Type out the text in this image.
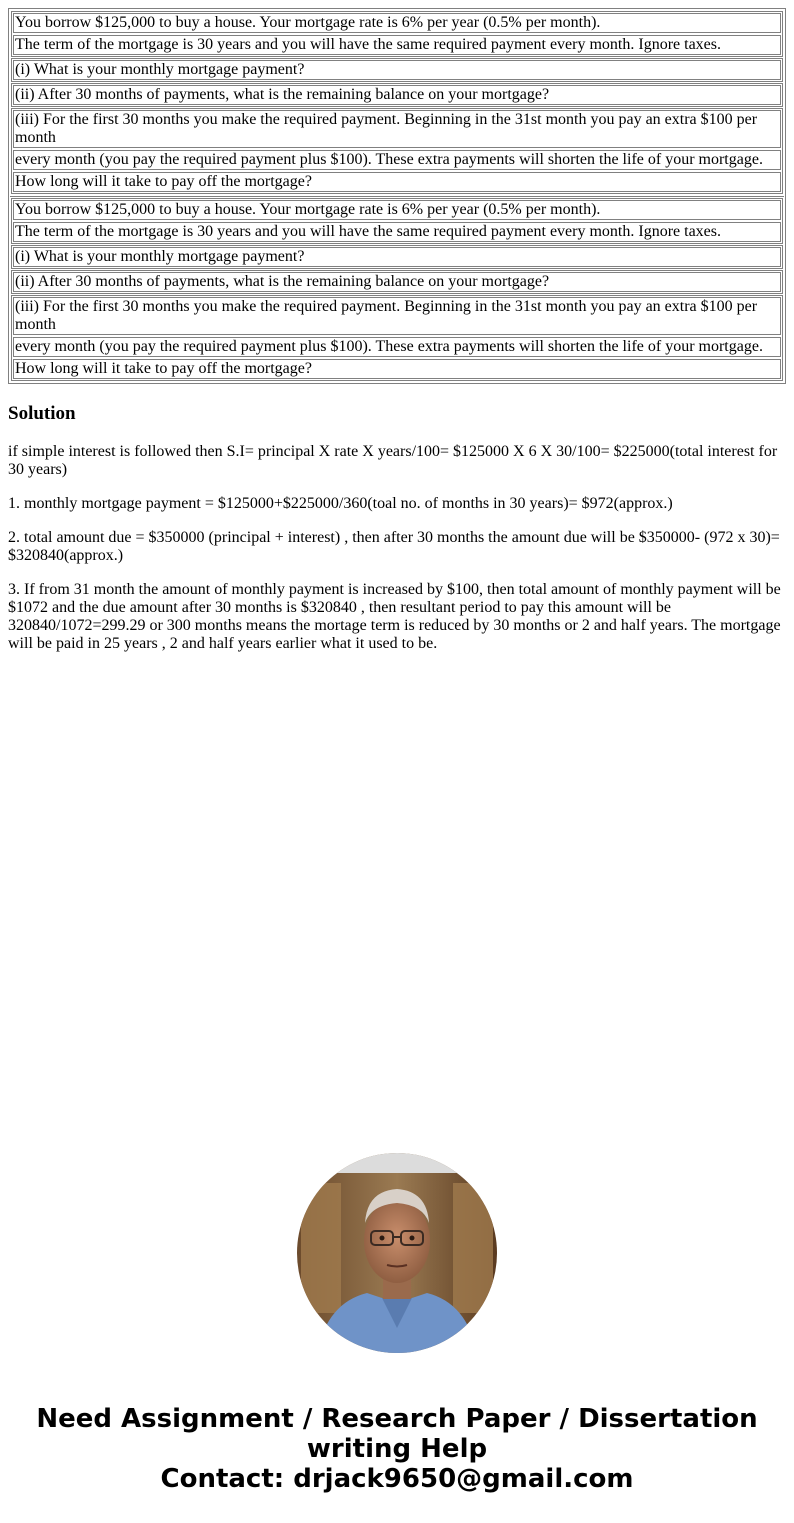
You borrow $125,000 to buy a house. Your mortgage rate is 6% per year (0.5% per month).
The term of the mortgage is 30 years and you will have the same required payment every month. Ignore taxes.
(i) What is your monthly mortgage payment?
(ii) After 30 months of payments, what is the remaining balance on your mortgage?
(iii) For the first 30 months you make the required payment. Beginning in the 31st month you pay an extra $100 per month
every month (you pay the required payment plus $100). These extra payments will shorten the life of your mortgage.
How long will it take to pay off the mortgage?
You borrow $125,000 to buy a house. Your mortgage rate is 6% per year (0.5% per month).
The term of the mortgage is 30 years and you will have the same required payment every month. Ignore taxes.
(i) What is your monthly mortgage payment?
(ii) After 30 months of payments, what is the remaining balance on your mortgage?
(iii) For the first 30 months you make the required payment. Beginning in the 31st month you pay an extra $100 per month
every month (you pay the required payment plus $100). These extra payments will shorten the life of your mortgage.
How long will it take to pay off the mortgage?
Solution

if simple interest is followed then S.I= principal X rate X years/100= $125000 X 6 X 30/100= $225000(total interest for 30 years)

1. monthly mortgage payment = $125000+$225000/360(toal no. of months in 30 years)= $972(approx.)

2. total amount due = $350000 (principal + interest) , then after 30 months the amount due will be $350000- (972 x 30)= $320840(approx.)

3. If from 31 month the amount of monthly payment is increased by $100, then total amount of monthly payment will be $1072 and the due amount after 30 months is $320840 , then resultant period to pay this amount will be 320840/1072=299.29 or 300 months means the mortage term is reduced by 30 months or 2 and half years. The mortgage will be paid in 25 years , 2 and half years earlier what it used to be.

Need Assignment / Research Paper / Dissertation
writing Help
Contact: drjack9650@gmail.com
